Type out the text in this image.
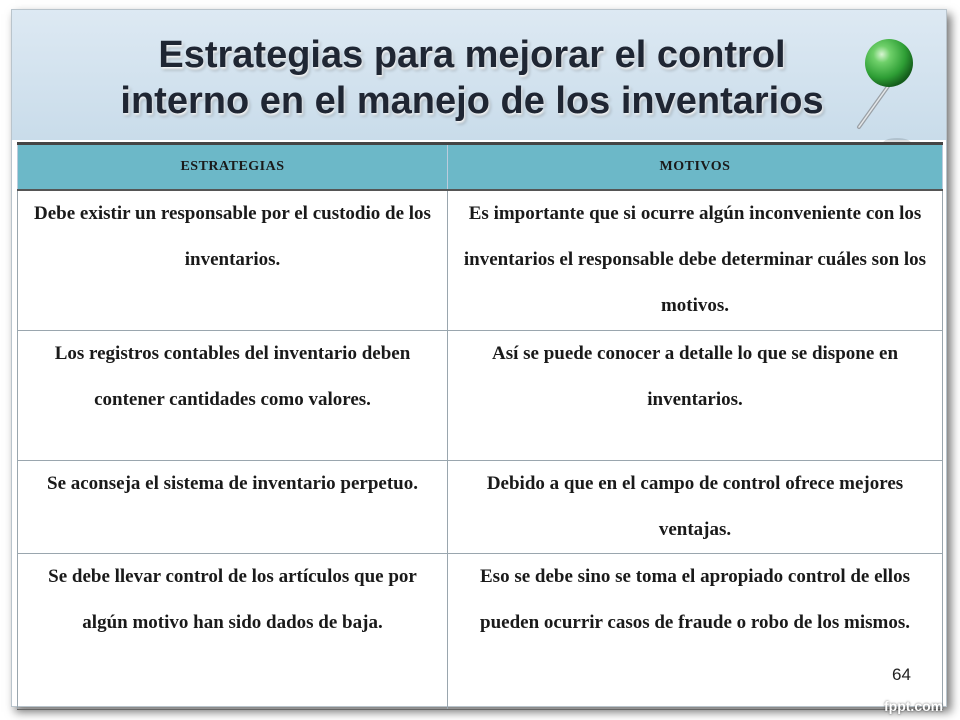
Estrategias para mejorar el control
interno en el manejo de los inventarios
ESTRATEGIAS	MOTIVOS
Debe existir un responsable por el custodio de los inventarios.	Es importante que si ocurre algún inconveniente con los inventarios el responsable debe determinar cuáles son los motivos.
Los registros contables del inventario deben contener cantidades como valores.	Así se puede conocer a detalle lo que se dispone en inventarios.
Se aconseja el sistema de inventario perpetuo.	Debido a que en el campo de control ofrece mejores ventajas.
Se debe llevar control de los artículos que por algún motivo han sido dados de baja.	Eso se debe sino se toma el apropiado control de ellos pueden ocurrir casos de fraude o robo de los mismos.
64
fppt.com
